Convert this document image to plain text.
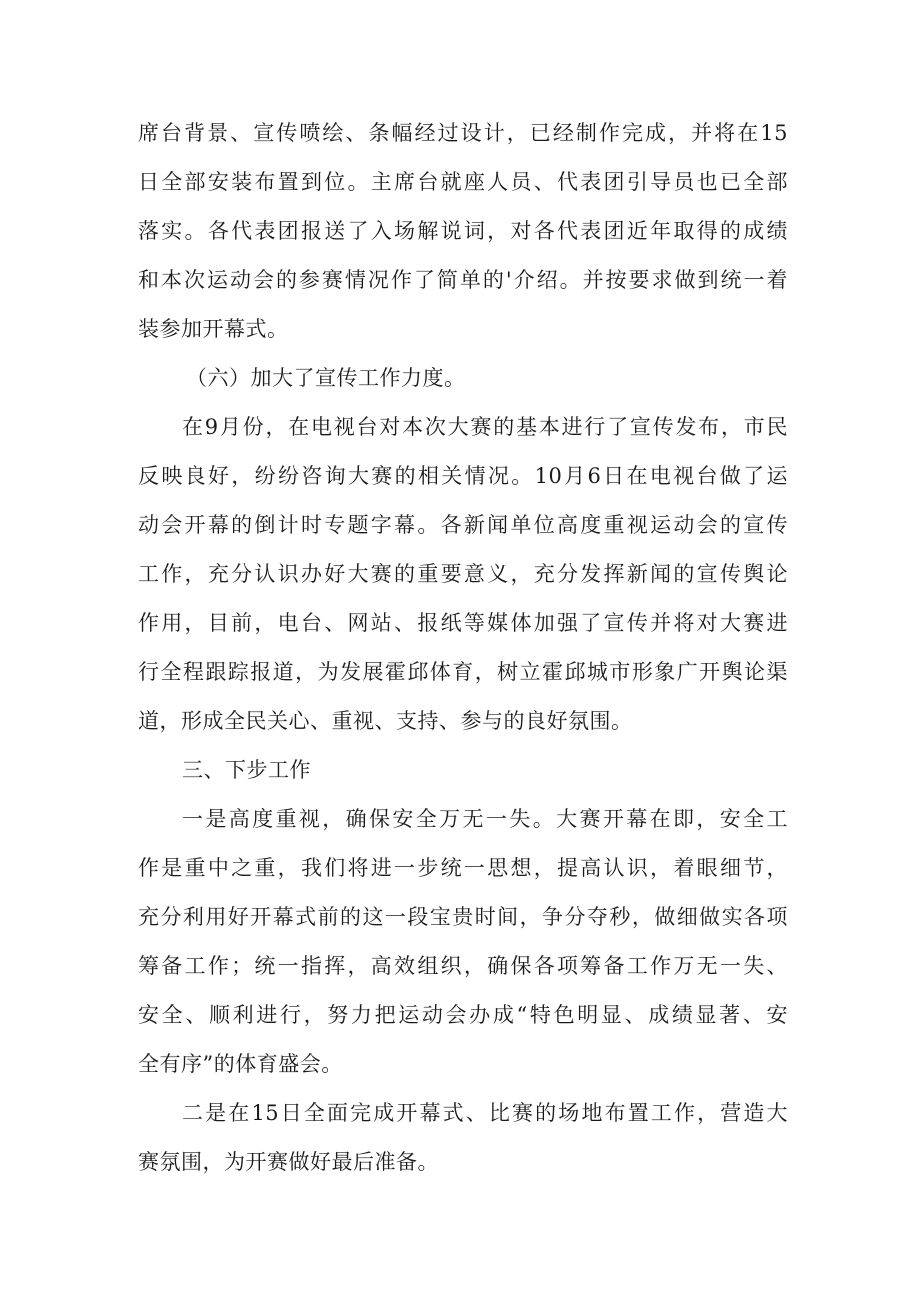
席台背景、宣传喷绘、条幅经过设计，已经制作完成，并将在15
日全部安装布置到位。主席台就座人员、代表团引导员也已全部
落实。各代表团报送了入场解说词，对各代表团近年取得的成绩
和本次运动会的参赛情况作了简单的'介绍。并按要求做到统一着
装参加开幕式。
（六）加大了宣传工作力度。
在9月份，在电视台对本次大赛的基本进行了宣传发布，市民
反映良好，纷纷咨询大赛的相关情况。10月6日在电视台做了运
动会开幕的倒计时专题字幕。各新闻单位高度重视运动会的宣传
工作，充分认识办好大赛的重要意义，充分发挥新闻的宣传舆论
作用，目前，电台、网站、报纸等媒体加强了宣传并将对大赛进
行全程跟踪报道，为发展霍邱体育，树立霍邱城市形象广开舆论渠
道，形成全民关心、重视、支持、参与的良好氛围。
三、下步工作
一是高度重视，确保安全万无一失。大赛开幕在即，安全工
作是重中之重，我们将进一步统一思想，提高认识，着眼细节，
充分利用好开幕式前的这一段宝贵时间，争分夺秒，做细做实各项
筹备工作；统一指挥，高效组织，确保各项筹备工作万无一失、
安全、顺利进行，努力把运动会办成“特色明显、成绩显著、安
全有序”的体育盛会。
二是在15日全面完成开幕式、比赛的场地布置工作，营造大
赛氛围，为开赛做好最后准备。
